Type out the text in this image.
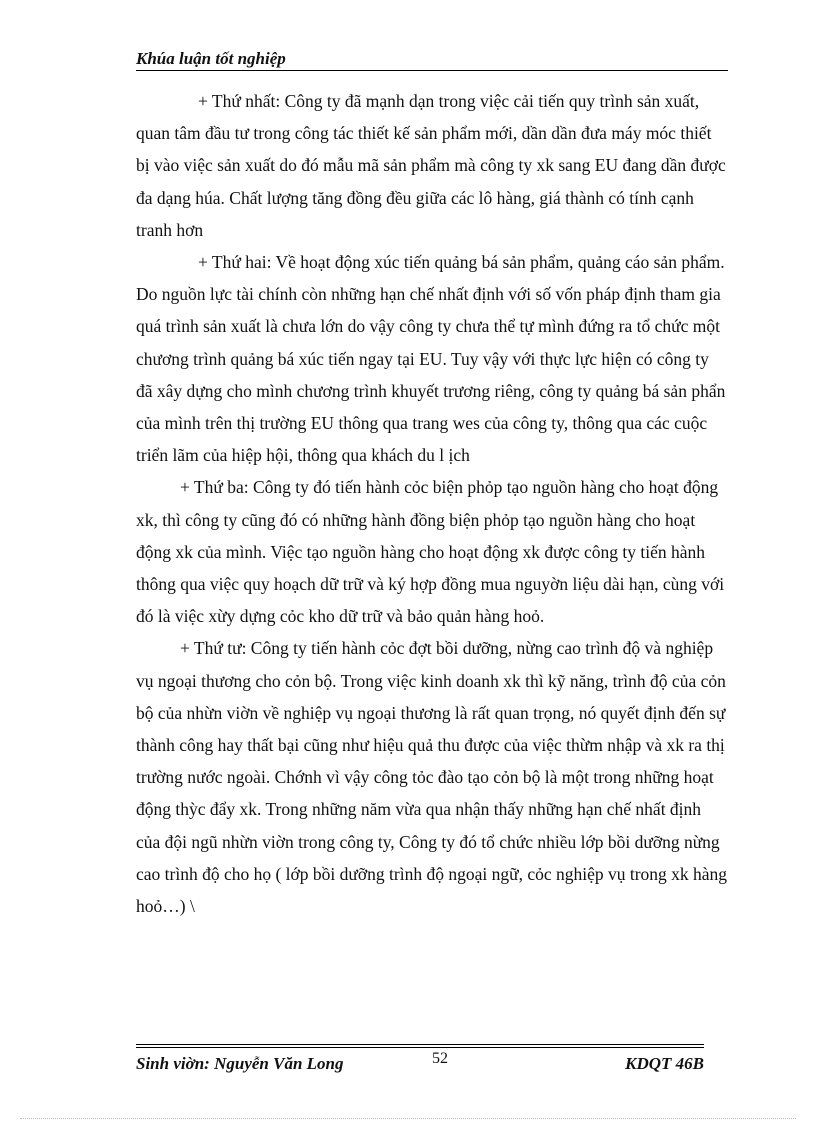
Khúa luận tốt nghiệp

+ Thứ nhất: Công ty đã mạnh dạn trong việc cải tiến quy trình sản xuất, quan tâm đầu tư trong công tác thiết kế sản phẩm mới, dần dần đưa máy móc thiết bị vào việc sản xuất do đó mẫu mã sản phẩm mà công ty xk sang EU đang dần được đa dạng húa. Chất lượng tăng đồng đều giữa các lô hàng, giá thành có tính cạnh tranh hơn

+ Thứ hai: Về hoạt động xúc tiến quảng bá sản phẩm, quảng cáo sản phẩm. Do nguồn lực tài chính còn những hạn chế nhất định với số vốn pháp định tham gia quá trình sản xuất là chưa lớn do vậy công ty chưa thể tự mình đứng ra tổ chức một chương trình quảng bá xúc tiến ngay tại EU. Tuy vậy với thực lực hiện có công ty đã xây dựng cho mình chương trình khuyết trương riêng, công ty quảng bá sản phẩn của mình trên thị trường EU thông qua trang wes của công ty, thông qua các cuộc triển lãm của hiệp hội, thông qua khách du l ịch

+ Thứ ba: Công ty đó tiến hành cỏc biện phỏp tạo nguồn hàng cho hoạt động xk, thì công ty cũng đó có những hành đồng biện phỏp tạo nguồn hàng cho hoạt động xk của mình. Việc tạo nguồn hàng cho hoạt động xk được công ty tiến hành thông qua việc quy hoạch dữ trữ và ký hợp đồng mua nguyờn liệu dài hạn, cùng với đó là việc xừy dựng cỏc kho dữ trữ và bảo quản hàng hoỏ.

+ Thứ tư: Công ty tiến hành cỏc đợt bồi dưỡng, nừng cao trình độ và nghiệp vụ ngoại thương cho cỏn bộ. Trong việc kinh doanh xk thì kỹ năng, trình độ của cỏn bộ của nhừn viờn về nghiệp vụ ngoại thương là rất quan trọng, nó quyết định đến sự thành công hay thất bại cũng như hiệu quả thu được của việc thừm nhập và xk ra thị trường nước ngoài. Chớnh vì vậy công tỏc đào tạo cỏn bộ là một trong những hoạt động thỳc đẩy xk. Trong những năm vừa qua nhận thấy những hạn chế nhất định của đội ngũ nhừn viờn trong công ty, Công ty đó tổ chức nhiều lớp bồi dưỡng nừng cao trình độ cho họ ( lớp bồi dưỡng trình độ ngoại ngữ, cỏc nghiệp vụ trong xk hàng hoỏ…) \

Sinh viờn: Nguyễn Văn Long	52	KDQT 46B
